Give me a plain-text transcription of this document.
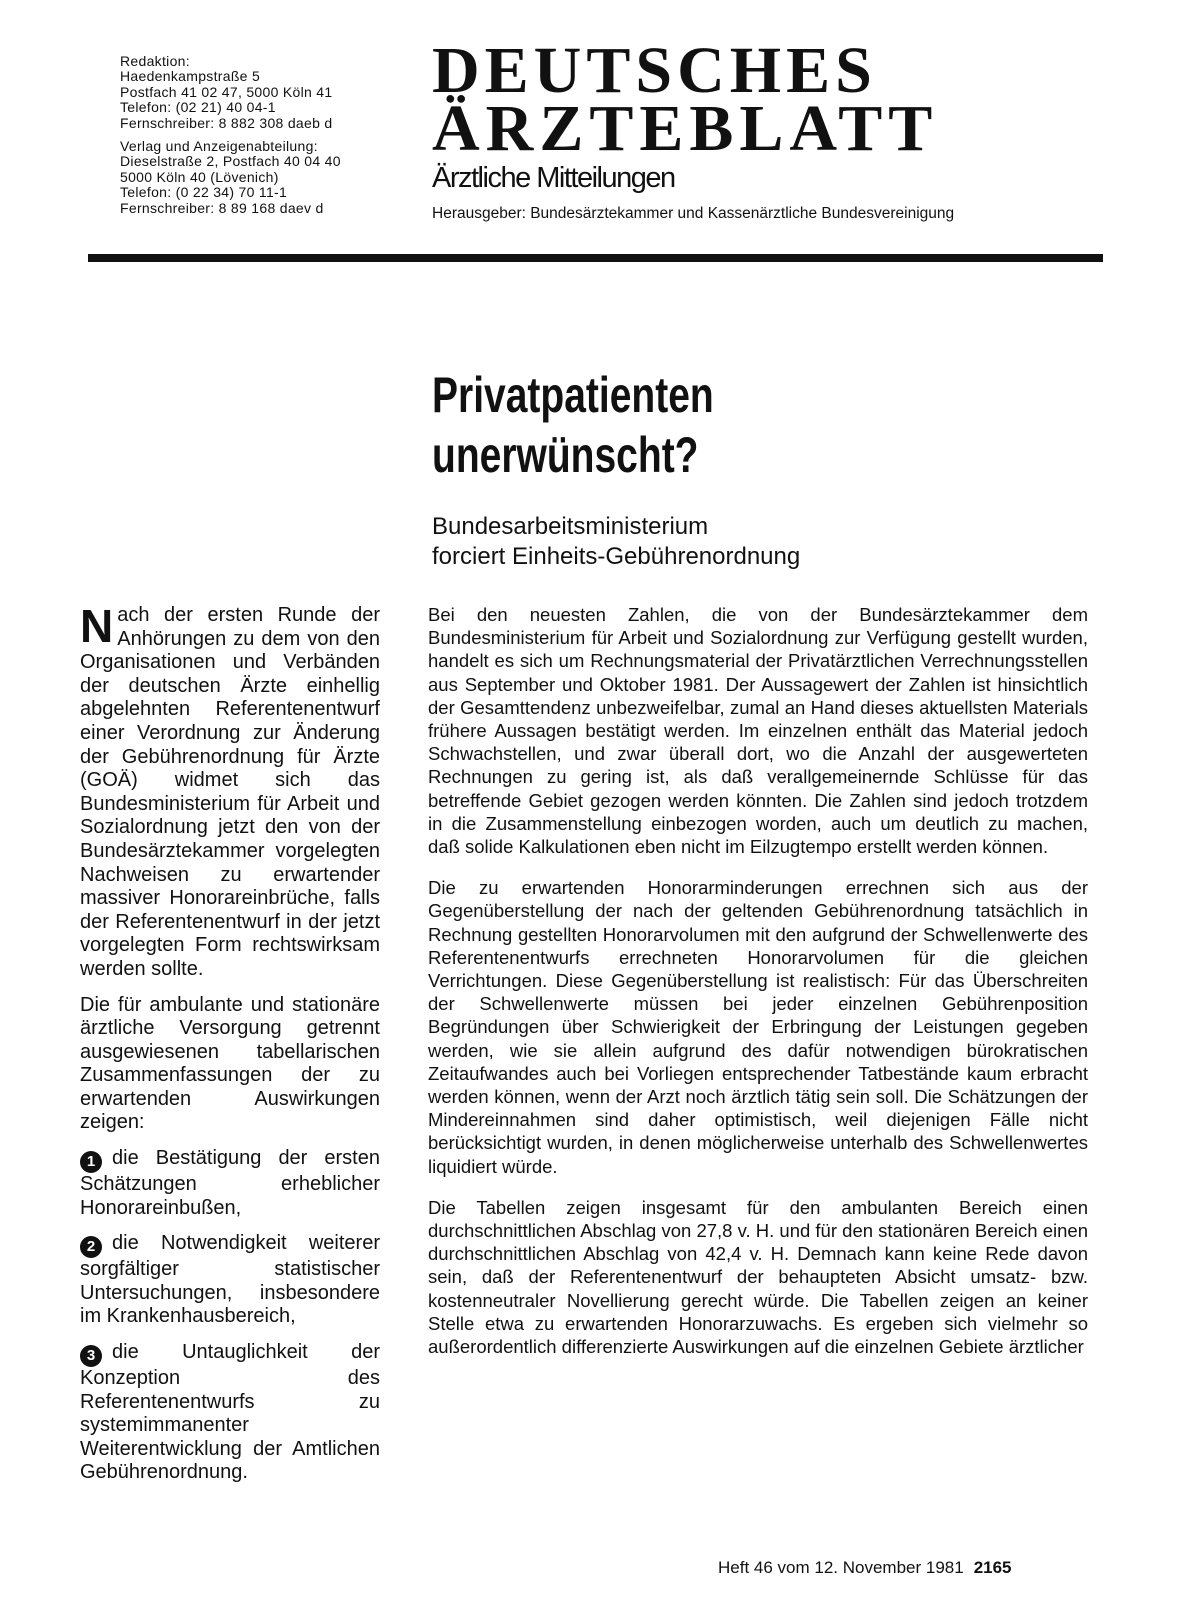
Redaktion:
Haedenkampstraße 5
Postfach 41 02 47, 5000 Köln 41
Telefon: (02 21) 40 04-1
Fernschreiber: 8 882 308 daeb d
Verlag und Anzeigenabteilung:
Dieselstraße 2, Postfach 40 04 40
5000 Köln 40 (Lövenich)
Telefon: (0 22 34) 70 11-1
Fernschreiber: 8 89 168 daev d
DEUTSCHES
ÄRZTEBLATT
Ärztliche Mitteilungen
Herausgeber: Bundesärztekammer und Kassenärztliche Bundesvereinigung
Privatpatienten
unerwünscht?
Bundesarbeitsministerium
forciert Einheits-Gebührenordnung

Nach der ersten Runde der Anhörungen zu dem von den Organisationen und Verbänden der deutschen Ärzte einhellig abgelehnten Referentenentwurf einer Verordnung zur Änderung der Gebührenordnung für Ärzte (GOÄ) widmet sich das Bundesministerium für Arbeit und Sozialordnung jetzt den von der Bundesärztekammer vorgelegten Nachweisen zu erwartender massiver Honorareinbrüche, falls der Referentenentwurf in der jetzt vorgelegten Form rechtswirksam werden sollte.

Die für ambulante und stationäre ärztliche Versorgung getrennt ausgewiesenen tabellarischen Zusammenfassungen der zu erwartenden Auswirkungen zeigen:

1 die Bestätigung der ersten Schätzungen erheblicher Honorareinbußen,

2 die Notwendigkeit weiterer sorgfältiger statistischer Untersuchungen, insbesondere im Krankenhausbereich,

3 die Untauglichkeit der Konzeption des Referentenentwurfs zu systemimmanenter Weiterentwicklung der Amtlichen Gebührenordnung.

Bei den neuesten Zahlen, die von der Bundesärztekammer dem Bundesministerium für Arbeit und Sozialordnung zur Verfügung gestellt wurden, handelt es sich um Rechnungsmaterial der Privatärztlichen Verrechnungsstellen aus September und Oktober 1981. Der Aussagewert der Zahlen ist hinsichtlich der Gesamttendenz unbezweifelbar, zumal an Hand dieses aktuellsten Materials frühere Aussagen bestätigt werden. Im einzelnen enthält das Material jedoch Schwachstellen, und zwar überall dort, wo die Anzahl der ausgewerteten Rechnungen zu gering ist, als daß verallgemeinernde Schlüsse für das betreffende Gebiet gezogen werden könnten. Die Zahlen sind jedoch trotzdem in die Zusammenstellung einbezogen worden, auch um deutlich zu machen, daß solide Kalkulationen eben nicht im Eilzugtempo erstellt werden können.

Die zu erwartenden Honorarminderungen errechnen sich aus der Gegenüberstellung der nach der geltenden Gebührenordnung tatsächlich in Rechnung gestellten Honorarvolumen mit den aufgrund der Schwellenwerte des Referentenentwurfs errechneten Honorarvolumen für die gleichen Verrichtungen. Diese Gegenüberstellung ist realistisch: Für das Überschreiten der Schwellenwerte müssen bei jeder einzelnen Gebührenposition Begründungen über Schwierigkeit der Erbringung der Leistungen gegeben werden, wie sie allein aufgrund des dafür notwendigen bürokratischen Zeitaufwandes auch bei Vorliegen entsprechender Tatbestände kaum erbracht werden können, wenn der Arzt noch ärztlich tätig sein soll. Die Schätzungen der Mindereinnahmen sind daher optimistisch, weil diejenigen Fälle nicht berücksichtigt wurden, in denen möglicherweise unterhalb des Schwellenwertes liquidiert würde.

Die Tabellen zeigen insgesamt für den ambulanten Bereich einen durchschnittlichen Abschlag von 27,8 v. H. und für den stationären Bereich einen durchschnittlichen Abschlag von 42,4 v. H. Demnach kann keine Rede davon sein, daß der Referentenentwurf der behaupteten Absicht umsatz- bzw. kostenneutraler Novellierung gerecht würde. Die Tabellen zeigen an keiner Stelle etwa zu erwartenden Honorarzuwachs. Es ergeben sich vielmehr so außerordentlich differenzierte Auswirkungen auf die einzelnen Gebiete ärztlicher

Heft 46 vom 12. November 1981 2165
